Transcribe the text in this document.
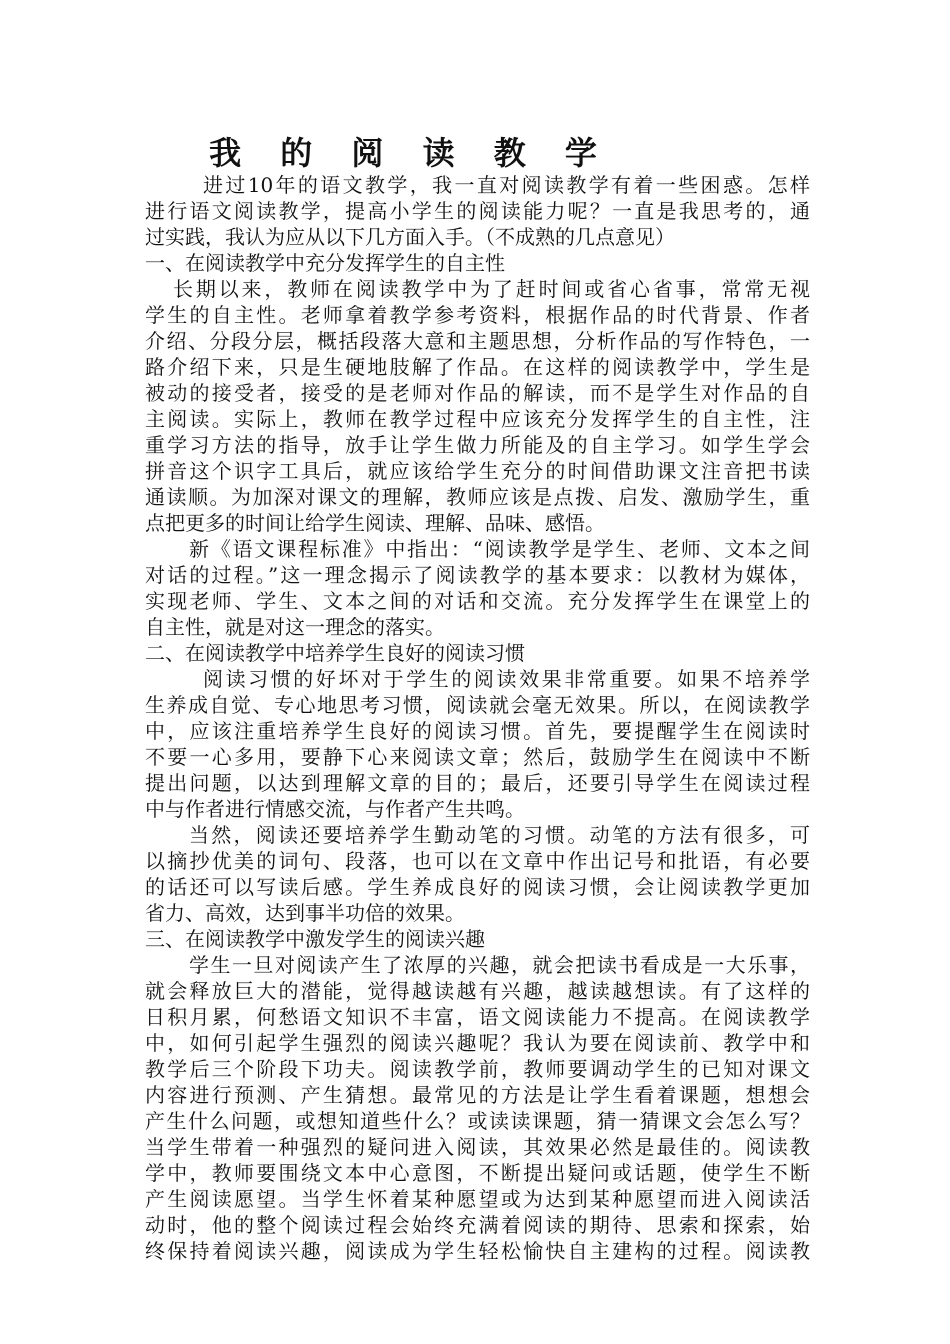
我 的 阅 读 教 学
进过10年的语文教学，我一直对阅读教学有着一些困惑。怎样
进行语文阅读教学，提高小学生的阅读能力呢？一直是我思考的，通
过实践，我认为应从以下几方面入手。（不成熟的几点意见）
一、在阅读教学中充分发挥学生的自主性
长期以来，教师在阅读教学中为了赶时间或省心省事，常常无视
学生的自主性。老师拿着教学参考资料，根据作品的时代背景、作者
介绍、分段分层，概括段落大意和主题思想，分析作品的写作特色，一
路介绍下来，只是生硬地肢解了作品。在这样的阅读教学中，学生是
被动的接受者，接受的是老师对作品的解读，而不是学生对作品的自
主阅读。实际上，教师在教学过程中应该充分发挥学生的自主性，注
重学习方法的指导，放手让学生做力所能及的自主学习。如学生学会
拼音这个识字工具后，就应该给学生充分的时间借助课文注音把书读
通读顺。为加深对课文的理解，教师应该是点拨、启发、激励学生，重
点把更多的时间让给学生阅读、理解、品味、感悟。
新《语文课程标准》中指出：“阅读教学是学生、老师、文本之间
对话的过程。”这一理念揭示了阅读教学的基本要求：以教材为媒体，
实现老师、学生、文本之间的对话和交流。充分发挥学生在课堂上的
自主性，就是对这一理念的落实。
二、在阅读教学中培养学生良好的阅读习惯
阅读习惯的好坏对于学生的阅读效果非常重要。如果不培养学
生养成自觉、专心地思考习惯，阅读就会毫无效果。所以，在阅读教学
中，应该注重培养学生良好的阅读习惯。首先，要提醒学生在阅读时
不要一心多用，要静下心来阅读文章；然后，鼓励学生在阅读中不断
提出问题，以达到理解文章的目的；最后，还要引导学生在阅读过程
中与作者进行情感交流，与作者产生共鸣。
当然，阅读还要培养学生勤动笔的习惯。动笔的方法有很多，可
以摘抄优美的词句、段落，也可以在文章中作出记号和批语，有必要
的话还可以写读后感。学生养成良好的阅读习惯，会让阅读教学更加
省力、高效，达到事半功倍的效果。
三、在阅读教学中激发学生的阅读兴趣
学生一旦对阅读产生了浓厚的兴趣，就会把读书看成是一大乐事，
就会释放巨大的潜能，觉得越读越有兴趣，越读越想读。有了这样的
日积月累，何愁语文知识不丰富，语文阅读能力不提高。在阅读教学
中，如何引起学生强烈的阅读兴趣呢？我认为要在阅读前、教学中和
教学后三个阶段下功夫。阅读教学前，教师要调动学生的已知对课文
内容进行预测、产生猜想。最常见的方法是让学生看着课题，想想会
产生什么问题，或想知道些什么？或读读课题，猜一猜课文会怎么写？
当学生带着一种强烈的疑问进入阅读，其效果必然是最佳的。阅读教
学中，教师要围绕文本中心意图，不断提出疑问或话题，使学生不断
产生阅读愿望。当学生怀着某种愿望或为达到某种愿望而进入阅读活
动时，他的整个阅读过程会始终充满着阅读的期待、思索和探索，始
终保持着阅读兴趣，阅读成为学生轻松愉快自主建构的过程。阅读教
